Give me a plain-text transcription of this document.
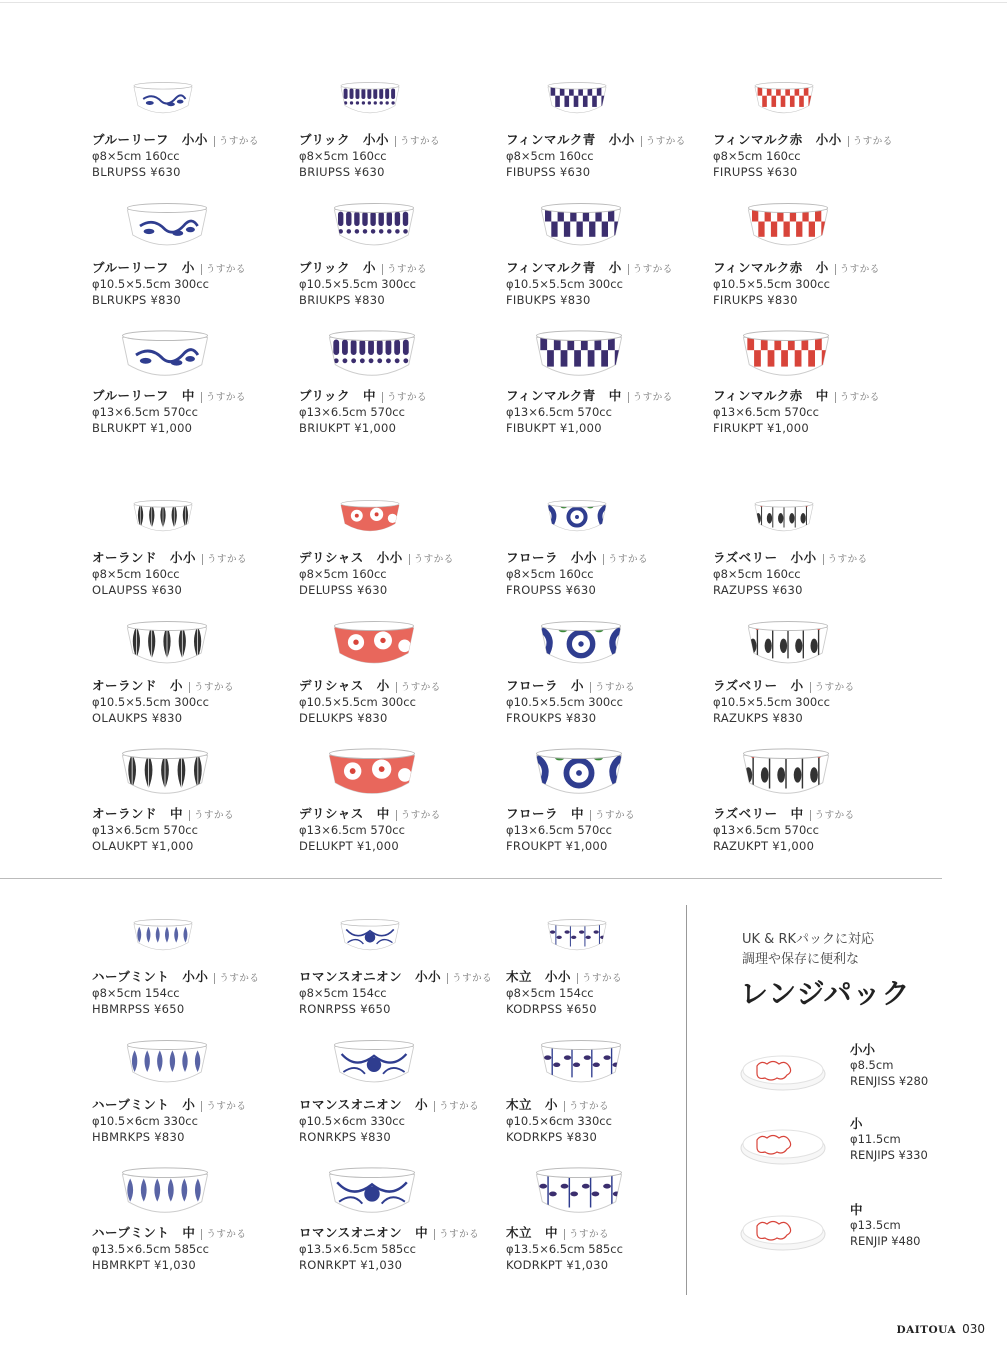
ブルーリーフ　小小 うすかる
φ8×5cm 160cc
BLRUPSS ¥630
ブリック　小小 うすかる
φ8×5cm 160cc
BRIUPSS ¥630
フィンマルク青　小小 うすかる
φ8×5cm 160cc
FIBUPSS ¥630
フィンマルク赤　小小 うすかる
φ8×5cm 160cc
FIRUPSS ¥630
ブルーリーフ　小 うすかる
φ10.5×5.5cm 300cc
BLRUKPS ¥830
ブリック　小 うすかる
φ10.5×5.5cm 300cc
BRIUKPS ¥830
フィンマルク青　小 うすかる
φ10.5×5.5cm 300cc
FIBUKPS ¥830
フィンマルク赤　小 うすかる
φ10.5×5.5cm 300cc
FIRUKPS ¥830
ブルーリーフ　中 うすかる
φ13×6.5cm 570cc
BLRUKPT ¥1,000
ブリック　中 うすかる
φ13×6.5cm 570cc
BRIUKPT ¥1,000
フィンマルク青　中 うすかる
φ13×6.5cm 570cc
FIBUKPT ¥1,000
フィンマルク赤　中 うすかる
φ13×6.5cm 570cc
FIRUKPT ¥1,000
オーランド　小小 うすかる
φ8×5cm 160cc
OLAUPSS ¥630
デリシャス　小小 うすかる
φ8×5cm 160cc
DELUPSS ¥630
フローラ　小小 うすかる
φ8×5cm 160cc
FROUPSS ¥630
ラズベリー　小小 うすかる
φ8×5cm 160cc
RAZUPSS ¥630
オーランド　小 うすかる
φ10.5×5.5cm 300cc
OLAUKPS ¥830
デリシャス　小 うすかる
φ10.5×5.5cm 300cc
DELUKPS ¥830
フローラ　小 うすかる
φ10.5×5.5cm 300cc
FROUKPS ¥830
ラズベリー　小 うすかる
φ10.5×5.5cm 300cc
RAZUKPS ¥830
オーランド　中 うすかる
φ13×6.5cm 570cc
OLAUKPT ¥1,000
デリシャス　中 うすかる
φ13×6.5cm 570cc
DELUKPT ¥1,000
フローラ　中 うすかる
φ13×6.5cm 570cc
FROUKPT ¥1,000
ラズベリー　中 うすかる
φ13×6.5cm 570cc
RAZUKPT ¥1,000
ハーブミント　小小 うすかる
φ8×5cm 154cc
HBMRPSS ¥650
ロマンスオニオン　小小 うすかる
φ8×5cm 154cc
RONRPSS ¥650
木立　小小 うすかる
φ8×5cm 154cc
KODRPSS ¥650
ハーブミント　小 うすかる
φ10.5×6cm 330cc
HBMRKPS ¥830
ロマンスオニオン　小 うすかる
φ10.5×6cm 330cc
RONRKPS ¥830
木立　小 うすかる
φ10.5×6cm 330cc
KODRKPS ¥830
ハーブミント　中 うすかる
φ13.5×6.5cm 585cc
HBMRKPT ¥1,030
ロマンスオニオン　中 うすかる
φ13.5×6.5cm 585cc
RONRKPT ¥1,030
木立　中 うすかる
φ13.5×6.5cm 585cc
KODRKPT ¥1,030
UK & RKパックに対応
調理や保存に便利な
レンジパック
小小
φ8.5cm
RENJISS ¥280
小
φ11.5cm
RENJIPS ¥330
中
φ13.5cm
RENJIP ¥480
DAITOUA 030
